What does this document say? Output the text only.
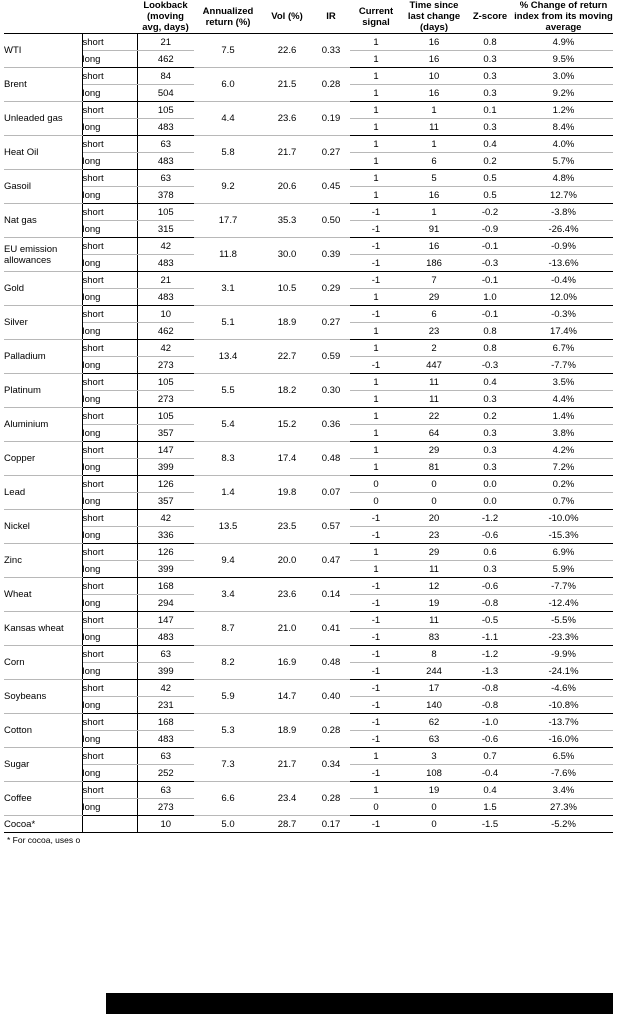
		Lookback (moving avg, days)	Annualized return (%)	Vol (%)	IR	Current signal	Time since last change (days)	Z-score	% Change of return index from its moving average
WTI	short	21	7.5	22.6	0.33	1	16	0.8	4.9%
	long	462				1	16	0.3	9.5%
Brent	short	84	6.0	21.5	0.28	1	10	0.3	3.0%
	long	504				1	16	0.3	9.2%
Unleaded gas	short	105	4.4	23.6	0.19	1	1	0.1	1.2%
	long	483				1	11	0.3	8.4%
Heat Oil	short	63	5.8	21.7	0.27	1	1	0.4	4.0%
	long	483				1	6	0.2	5.7%
Gasoil	short	63	9.2	20.6	0.45	1	5	0.5	4.8%
	long	378				1	16	0.5	12.7%
Nat gas	short	105	17.7	35.3	0.50	-1	1	-0.2	-3.8%
	long	315				-1	91	-0.9	-26.4%
EU emission allowances	short	42	11.8	30.0	0.39	-1	16	-0.1	-0.9%
	long	483				-1	186	-0.3	-13.6%
Gold	short	21	3.1	10.5	0.29	-1	7	-0.1	-0.4%
	long	483				1	29	1.0	12.0%
Silver	short	10	5.1	18.9	0.27	-1	6	-0.1	-0.3%
	long	462				1	23	0.8	17.4%
Palladium	short	42	13.4	22.7	0.59	1	2	0.8	6.7%
	long	273				-1	447	-0.3	-7.7%
Platinum	short	105	5.5	18.2	0.30	1	11	0.4	3.5%
	long	273				1	11	0.3	4.4%
Aluminium	short	105	5.4	15.2	0.36	1	22	0.2	1.4%
	long	357				1	64	0.3	3.8%
Copper	short	147	8.3	17.4	0.48	1	29	0.3	4.2%
	long	399				1	81	0.3	7.2%
Lead	short	126	1.4	19.8	0.07	0	0	0.0	0.2%
	long	357				0	0	0.0	0.7%
Nickel	short	42	13.5	23.5	0.57	-1	20	-1.2	-10.0%
	long	336				-1	23	-0.6	-15.3%
Zinc	short	126	9.4	20.0	0.47	1	29	0.6	6.9%
	long	399				1	11	0.3	5.9%
Wheat	short	168	3.4	23.6	0.14	-1	12	-0.6	-7.7%
	long	294				-1	19	-0.8	-12.4%
Kansas wheat	short	147	8.7	21.0	0.41	-1	11	-0.5	-5.5%
	long	483				-1	83	-1.1	-23.3%
Corn	short	63	8.2	16.9	0.48	-1	8	-1.2	-9.9%
	long	399				-1	244	-1.3	-24.1%
Soybeans	short	42	5.9	14.7	0.40	-1	17	-0.8	-4.6%
	long	231				-1	140	-0.8	-10.8%
Cotton	short	168	5.3	18.9	0.28	-1	62	-1.0	-13.7%
	long	483				-1	63	-0.6	-16.0%
Sugar	short	63	7.3	21.7	0.34	1	3	0.7	6.5%
	long	252				-1	108	-0.4	-7.6%
Coffee	short	63	6.6	23.4	0.28	1	19	0.4	3.4%
	long	273				0	0	1.5	27.3%
Cocoa*		10	5.0	28.7	0.17	-1	0	-1.5	-5.2%
* For cocoa, uses o
